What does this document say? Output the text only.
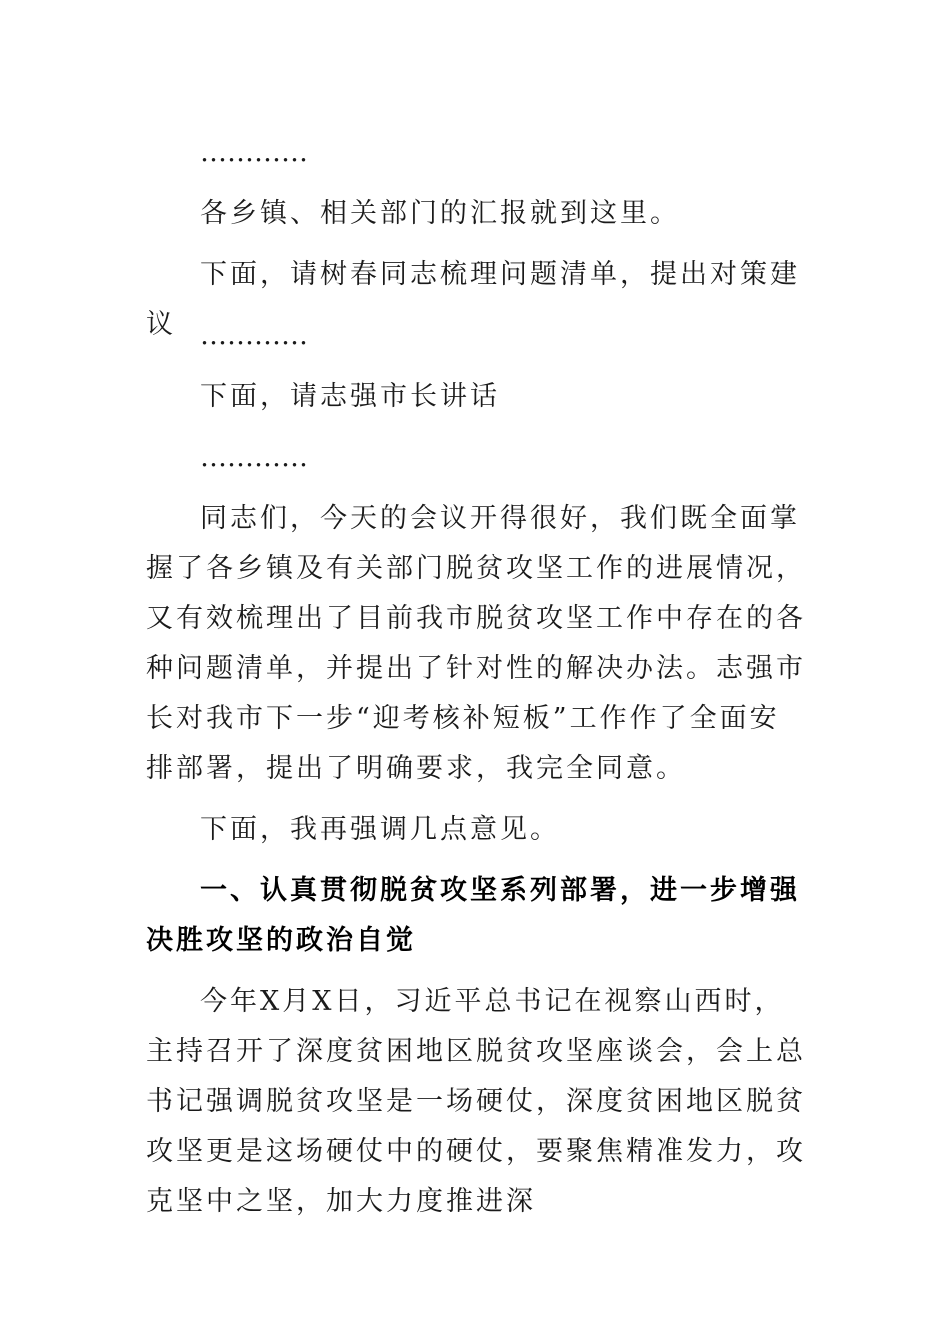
…………

各乡镇、相关部门的汇报就到这里。

下面，请树春同志梳理问题清单，提出对策建议 …………

下面，请志强市长讲话

…………

同志们，今天的会议开得很好，我们既全面掌握了各乡镇及有关部门脱贫攻坚工作的进展情况，又有效梳理出了目前我市脱贫攻坚工作中存在的各种问题清单，并提出了针对性的解决办法。志强市长对我市下一步“迎考核补短板”工作作了全面安排部署，提出了明确要求，我完全同意。

下面，我再强调几点意见。

一、认真贯彻脱贫攻坚系列部署，进一步增强决胜攻坚的政治自觉

今年X月X日，习近平总书记在视察山西时，主持召开了深度贫困地区脱贫攻坚座谈会，会上总书记强调脱贫攻坚是一场硬仗，深度贫困地区脱贫攻坚更是这场硬仗中的硬仗，要聚焦精准发力，攻克坚中之坚，加大力度推进深
